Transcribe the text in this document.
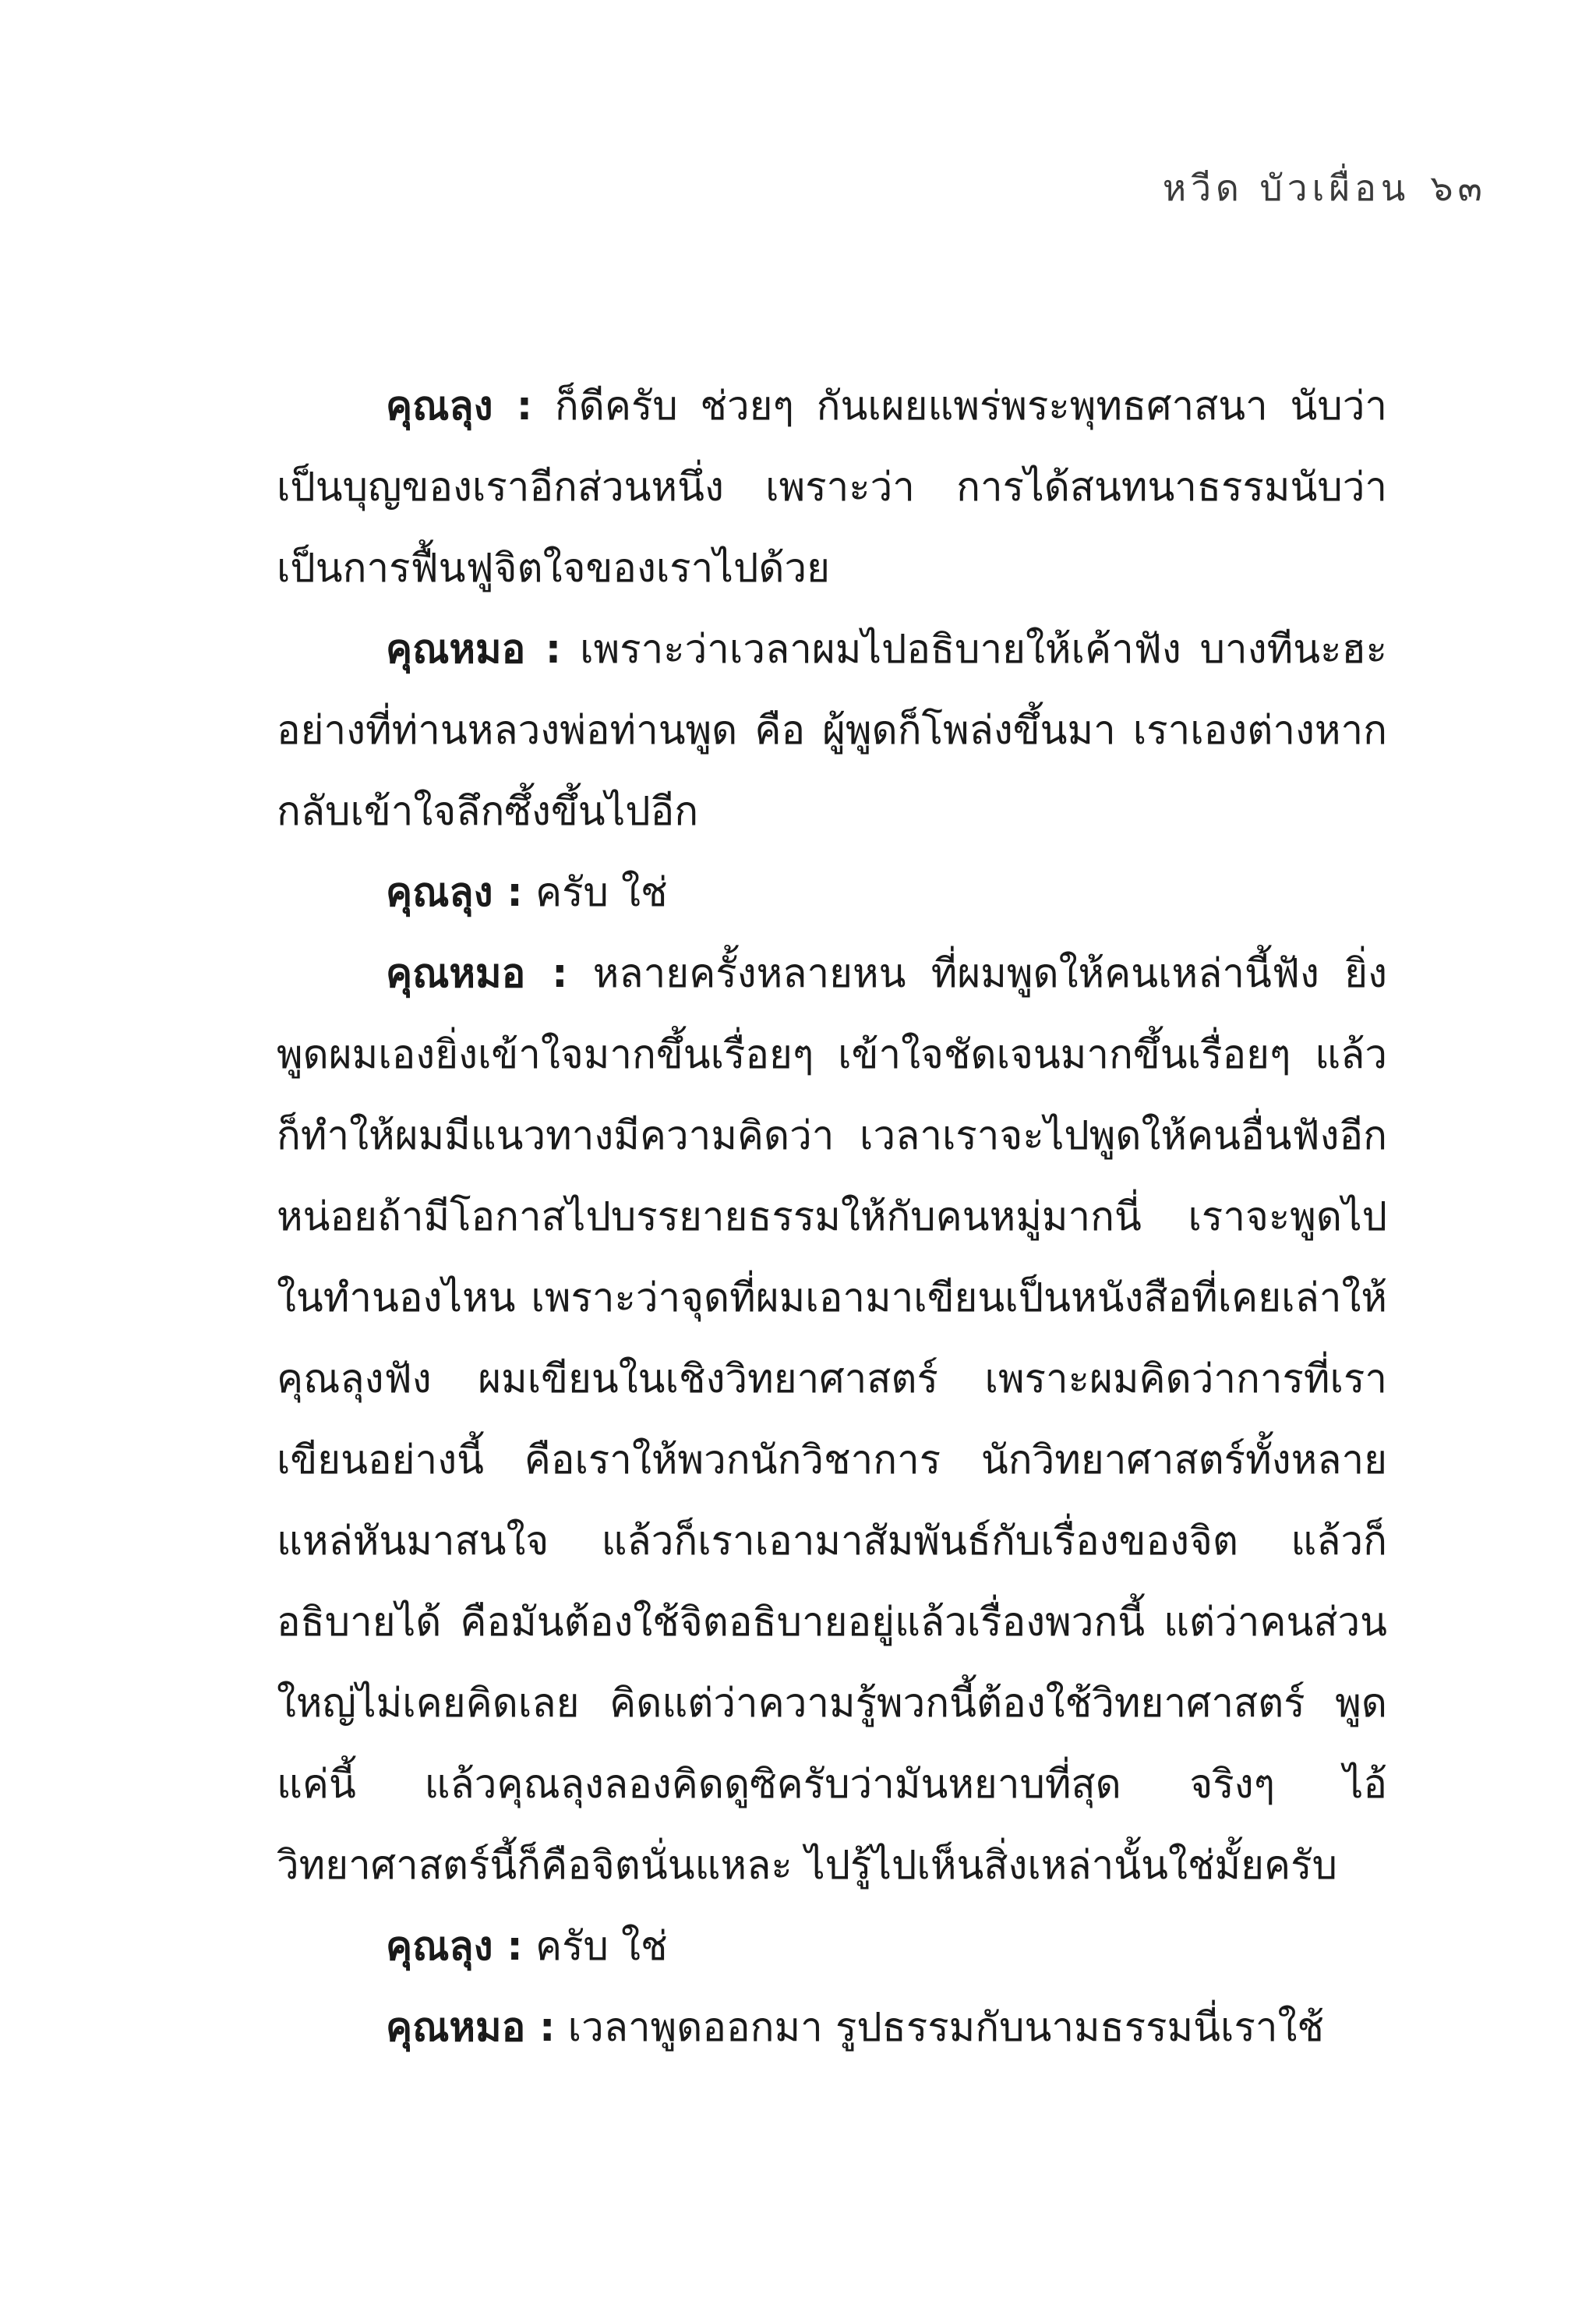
หวีด บัวเผื่อน ๖๓

คุณลุง : ก็ดีครับ ช่วยๆ กันเผยแพร่พระพุทธศาสนา นับว่าเป็นบุญของเราอีกส่วนหนึ่ง เพราะว่า การได้สนทนาธรรมนับว่าเป็นการฟื้นฟูจิตใจของเราไปด้วย

คุณหมอ : เพราะว่าเวลาผมไปอธิบายให้เค้าฟัง บางทีนะฮะ อย่างที่ท่านหลวงพ่อท่านพูด คือ ผู้พูดก็โพล่งขึ้นมา เราเองต่างหากกลับเข้าใจลึกซึ้งขึ้นไปอีก

คุณลุง : ครับ ใช่

คุณหมอ : หลายครั้งหลายหน ที่ผมพูดให้คนเหล่านี้ฟัง ยิ่งพูดผมเองยิ่งเข้าใจมากขึ้นเรื่อยๆ เข้าใจชัดเจนมากขึ้นเรื่อยๆ แล้วก็ทำให้ผมมีแนวทางมีความคิดว่า เวลาเราจะไปพูดให้คนอื่นฟังอีกหน่อยถ้ามีโอกาสไปบรรยายธรรมให้กับคนหมู่มากนี่ เราจะพูดไปในทำนองไหน เพราะว่าจุดที่ผมเอามาเขียนเป็นหนังสือที่เคยเล่าให้คุณลุงฟัง ผมเขียนในเชิงวิทยาศาสตร์ เพราะผมคิดว่าการที่เราเขียนอย่างนี้ คือเราให้พวกนักวิชาการ นักวิทยาศาสตร์ทั้งหลายแหล่หันมาสนใจ แล้วก็เราเอามาสัมพันธ์กับเรื่องของจิต แล้วก็อธิบายได้ คือมันต้องใช้จิตอธิบายอยู่แล้วเรื่องพวกนี้ แต่ว่าคนส่วนใหญ่ไม่เคยคิดเลย คิดแต่ว่าความรู้พวกนี้ต้องใช้วิทยาศาสตร์ พูดแค่นี้ แล้วคุณลุงลองคิดดูซิครับว่ามันหยาบที่สุด จริงๆ ไอ้วิทยาศาสตร์นี้ก็คือจิตนั่นแหละ ไปรู้ไปเห็นสิ่งเหล่านั้นใช่มั้ยครับ

คุณลุง : ครับ ใช่

คุณหมอ : เวลาพูดออกมา รูปธรรมกับนามธรรมนี่เราใช้
